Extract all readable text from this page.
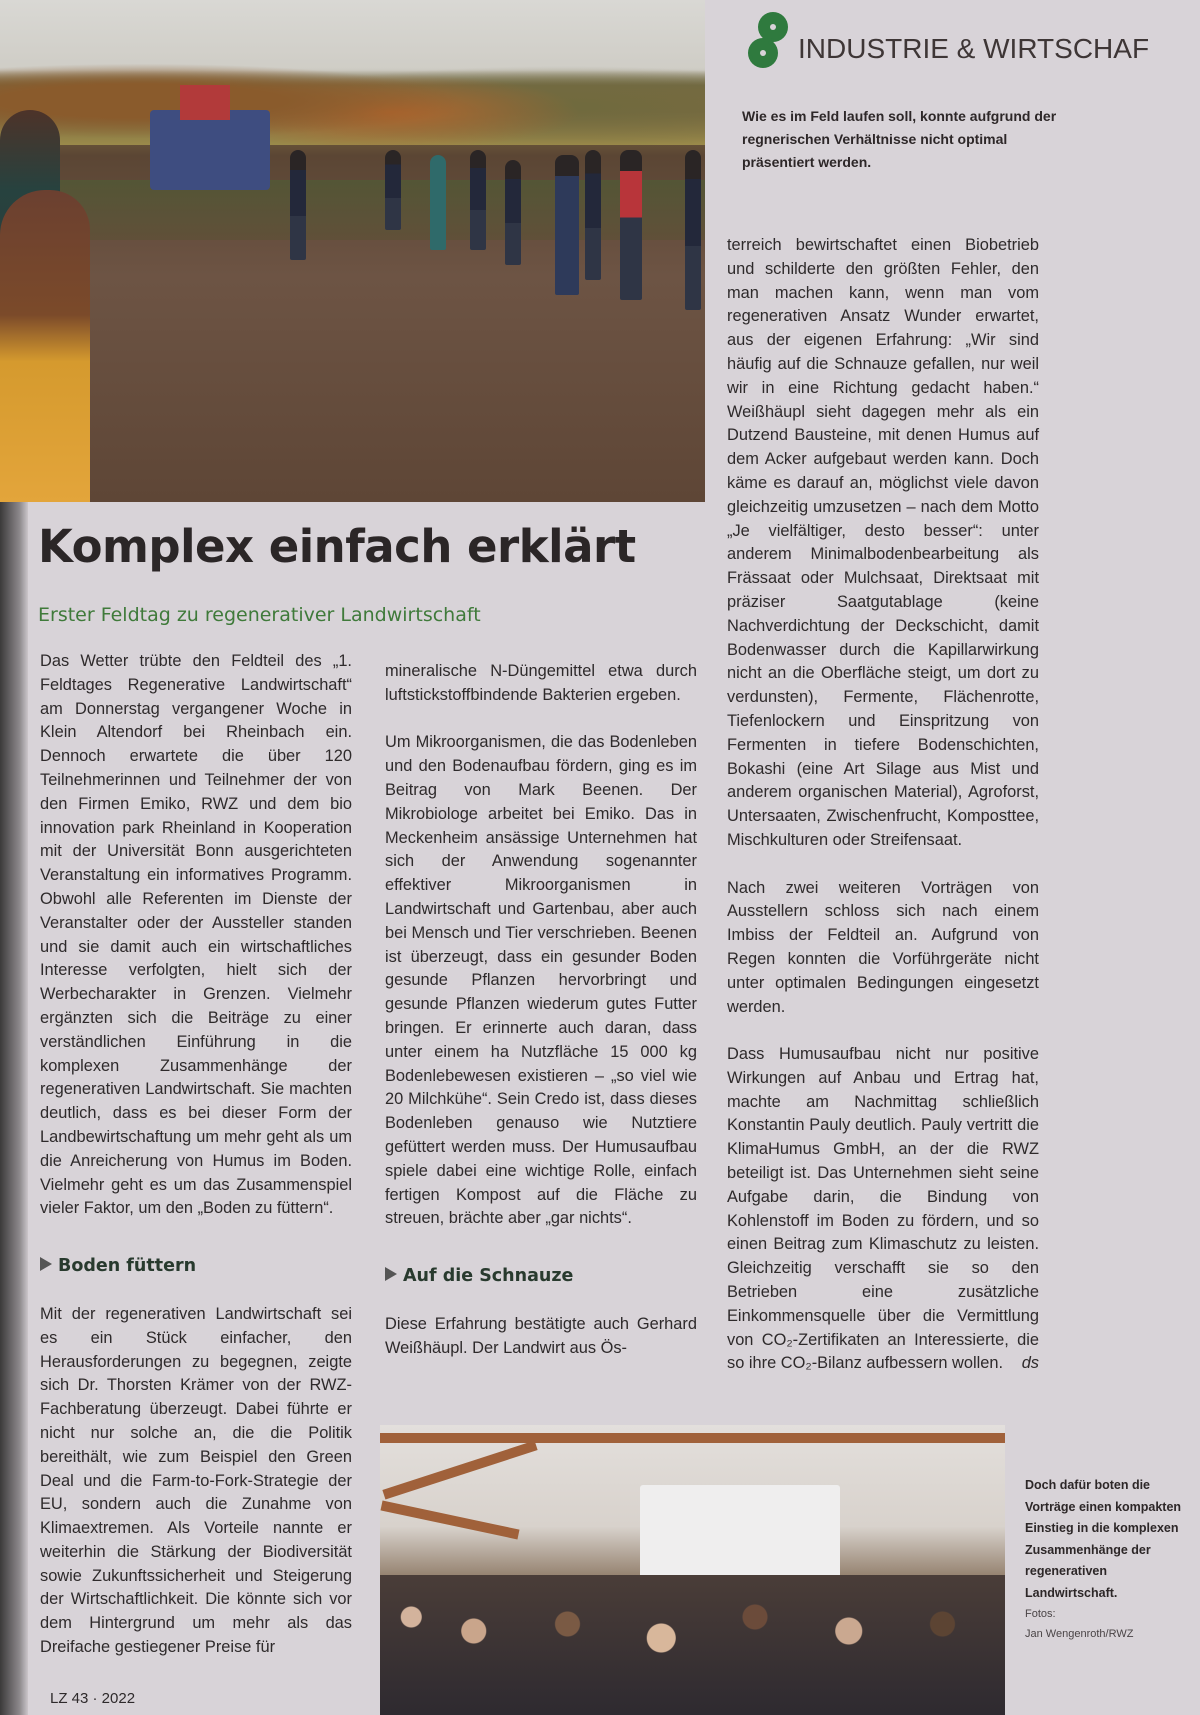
INDUSTRIE & WIRTSCHAF
Wie es im Feld laufen soll, konnte aufgrund der regnerischen Verhältnisse nicht optimal präsentiert werden.
Komplex einfach erklärt
Erster Feldtag zu regenerativer Landwirtschaft

Das Wetter trübte den Feldteil des „1. Feldtages Regenerative Landwirtschaft“ am Donnerstag vergangener Woche in Klein Altendorf bei Rheinbach ein. Dennoch erwartete die über 120 Teilnehmerinnen und Teilnehmer der von den Firmen Emiko, RWZ und dem bio innovation park Rheinland in Kooperation mit der Universität Bonn ausgerichteten Veranstaltung ein informatives Programm. Obwohl alle Referenten im Dienste der Veranstalter oder der Aussteller standen und sie damit auch ein wirtschaftliches Interesse verfolgten, hielt sich der Werbecharakter in Grenzen. Vielmehr ergänzten sich die Beiträge zu einer verständlichen Einführung in die komplexen Zusammenhänge der regenerativen Landwirtschaft. Sie machten deutlich, dass es bei dieser Form der Landbewirtschaftung um mehr geht als um die Anreicherung von Humus im Boden. Vielmehr geht es um das Zusammenspiel vieler Faktor, um den „Boden zu füttern“.

Boden füttern

Mit der regenerativen Landwirtschaft sei es ein Stück einfacher, den Herausforderungen zu begegnen, zeigte sich Dr. Thorsten Krämer von der RWZ-Fachberatung überzeugt. Dabei führte er nicht nur solche an, die die Politik bereithält, wie zum Beispiel den Green Deal und die Farm-to-Fork-Strategie der EU, sondern auch die Zunahme von Klimaextremen. Als Vorteile nannte er weiterhin die Stärkung der Biodiversität sowie Zukunftssicherheit und Steigerung der Wirtschaftlichkeit. Die könnte sich vor dem Hintergrund um mehr als das Dreifache gestiegener Preise für

mineralische N-Düngemittel etwa durch luftstickstoffbindende Bakterien ergeben.

Um Mikroorganismen, die das Bodenleben und den Bodenaufbau fördern, ging es im Beitrag von Mark Beenen. Der Mikrobiologe arbeitet bei Emiko. Das in Meckenheim ansässige Unternehmen hat sich der Anwendung sogenannter effektiver Mikroorganismen in Landwirtschaft und Gartenbau, aber auch bei Mensch und Tier verschrieben. Beenen ist überzeugt, dass ein gesunder Boden gesunde Pflanzen hervorbringt und gesunde Pflanzen wiederum gutes Futter bringen. Er erinnerte auch daran, dass unter einem ha Nutzfläche 15 000 kg Bodenlebewesen existieren – „so viel wie 20 Milchkühe“. Sein Credo ist, dass dieses Bodenleben genauso wie Nutztiere gefüttert werden muss. Der Humusaufbau spiele dabei eine wichtige Rolle, einfach fertigen Kompost auf die Fläche zu streuen, brächte aber „gar nichts“.

Auf die Schnauze

Diese Erfahrung bestätigte auch Gerhard Weißhäupl. Der Landwirt aus Ös-

terreich bewirtschaftet einen Biobetrieb und schilderte den größten Fehler, den man machen kann, wenn man vom regenerativen Ansatz Wunder erwartet, aus der eigenen Erfahrung: „Wir sind häufig auf die Schnauze gefallen, nur weil wir in eine Richtung gedacht haben.“ Weißhäupl sieht dagegen mehr als ein Dutzend Bausteine, mit denen Humus auf dem Acker aufgebaut werden kann. Doch käme es darauf an, möglichst viele davon gleichzeitig umzusetzen – nach dem Motto „Je vielfältiger, desto besser“: unter anderem Minimalbodenbearbeitung als Frässaat oder Mulchsaat, Direktsaat mit präziser Saatgutablage (keine Nachverdichtung der Deckschicht, damit Bodenwasser durch die Kapillarwirkung nicht an die Oberfläche steigt, um dort zu verdunsten), Fermente, Flächenrotte, Tiefenlockern und Einspritzung von Fermenten in tiefere Bodenschichten, Bokashi (eine Art Silage aus Mist und anderem organischen Material), Agroforst, Untersaaten, Zwischenfrucht, Komposttee, Mischkulturen oder Streifensaat.

Nach zwei weiteren Vorträgen von Ausstellern schloss sich nach einem Imbiss der Feldteil an. Aufgrund von Regen konnten die Vorführgeräte nicht unter optimalen Bedingungen eingesetzt werden.

Dass Humusaufbau nicht nur positive Wirkungen auf Anbau und Ertrag hat, machte am Nachmittag schließlich Konstantin Pauly deutlich. Pauly vertritt die KlimaHumus GmbH, an der die RWZ beteiligt ist. Das Unternehmen sieht seine Aufgabe darin, die Bindung von Kohlenstoff im Boden zu fördern, und so einen Beitrag zum Klimaschutz zu leisten. Gleichzeitig verschafft sie so den Betrieben eine zusätzliche Einkommensquelle über die Vermittlung von CO₂-Zertifikaten an Interessierte, die so ihre CO₂-Bilanz aufbessern wollen. ds

Doch dafür boten die Vorträge einen kompakten Einstieg in die komplexen Zusammenhänge der regenerativen Landwirtschaft.
Fotos:
Jan Wengenroth/RWZ
LZ 43 · 2022
